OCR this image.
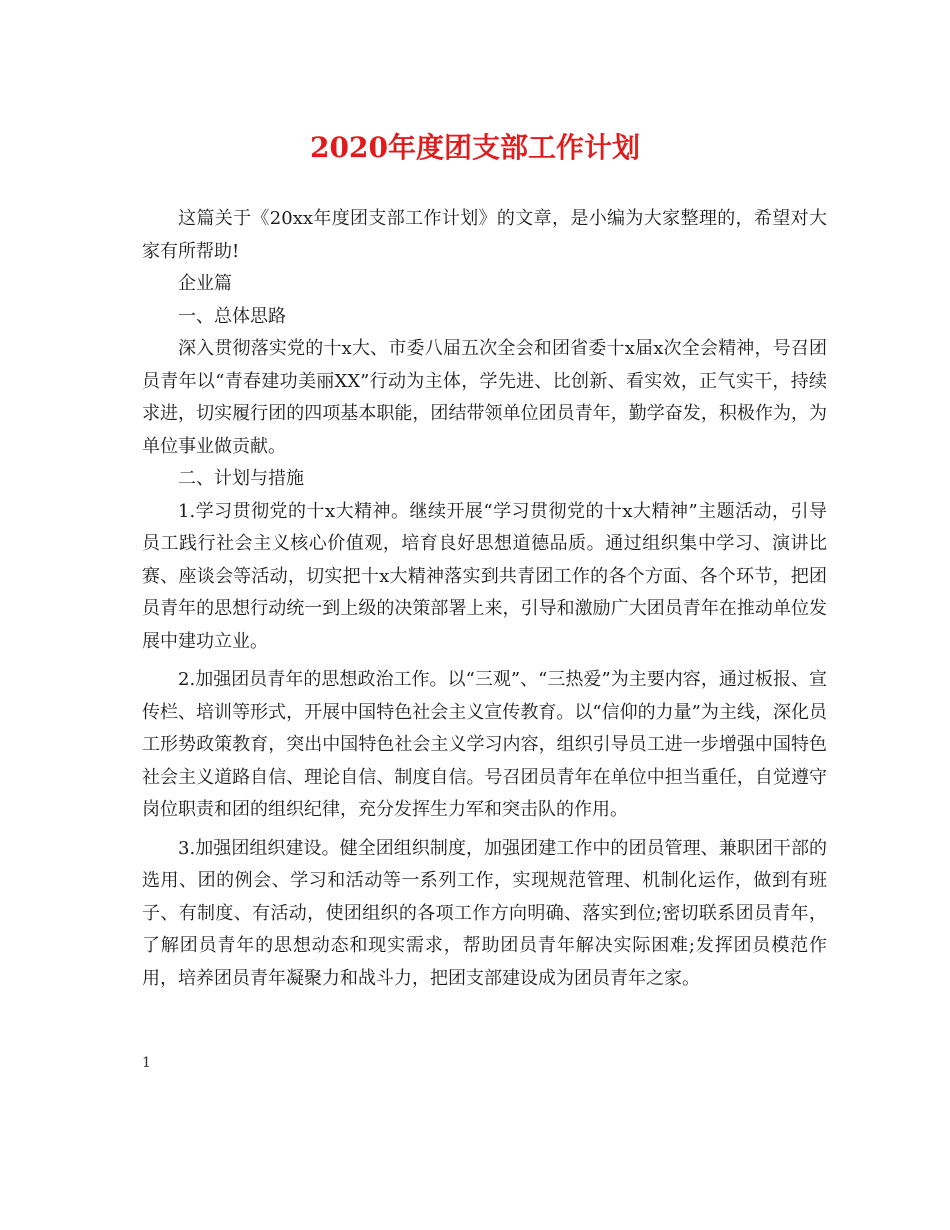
2020年度团支部工作计划

这篇关于《20xx年度团支部工作计划》的文章，是小编为大家整理的，希望对大家有所帮助!

企业篇

一、总体思路

深入贯彻落实党的十x大、市委八届五次全会和团省委十x届x次全会精神，号召团员青年以“青春建功美丽XX”行动为主体，学先进、比创新、看实效，正气实干，持续求进，切实履行团的四项基本职能，团结带领单位团员青年，勤学奋发，积极作为，为单位事业做贡献。

二、计划与措施

1.学习贯彻党的十x大精神。继续开展“学习贯彻党的十x大精神”主题活动，引导员工践行社会主义核心价值观，培育良好思想道德品质。通过组织集中学习、演讲比赛、座谈会等活动，切实把十x大精神落实到共青团工作的各个方面、各个环节，把团员青年的思想行动统一到上级的决策部署上来，引导和激励广大团员青年在推动单位发展中建功立业。

2.加强团员青年的思想政治工作。以“三观”、“三热爱”为主要内容，通过板报、宣传栏、培训等形式，开展中国特色社会主义宣传教育。以“信仰的力量”为主线，深化员工形势政策教育，突出中国特色社会主义学习内容，组织引导员工进一步增强中国特色社会主义道路自信、理论自信、制度自信。号召团员青年在单位中担当重任，自觉遵守岗位职责和团的组织纪律，充分发挥生力军和突击队的作用。

3.加强团组织建设。健全团组织制度，加强团建工作中的团员管理、兼职团干部的选用、团的例会、学习和活动等一系列工作，实现规范管理、机制化运作，做到有班子、有制度、有活动，使团组织的各项工作方向明确、落实到位;密切联系团员青年，了解团员青年的思想动态和现实需求，帮助团员青年解决实际困难;发挥团员模范作用，培养团员青年凝聚力和战斗力，把团支部建设成为团员青年之家。

1
